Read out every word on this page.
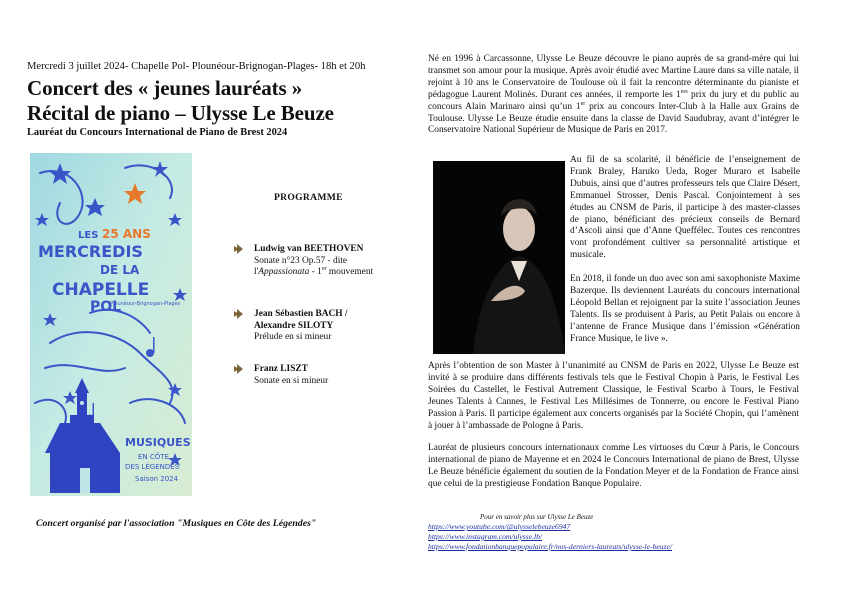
Mercredi 3 juillet 2024- Chapelle Pol- Plounéour-Brignogan-Plages- 18h et 20h
Concert des « jeunes lauréats »
Récital de piano – Ulysse Le Beuze
Lauréat du Concours International de Piano de Brest 2024
LES 25 ANS
MERCREDIS
DE LA
CHAPELLE
POL
Plounéour-Brignogan-Plages
MUSIQUES
EN CÔTE
DES LÉGENDES
Saison 2024
PROGRAMME
Ludwig van BEETHOVEN
Sonate n°23 Op.57 - dite l'Appassionata - 1er mouvement
Jean Sébastien BACH / Alexandre SILOTY
Prélude en si mineur
Franz LISZT
Sonate en si mineur
Concert organisé par l'association "Musiques en Côte des Légendes"
Né en 1996 à Carcassonne, Ulysse Le Beuze découvre le piano auprès de sa grand-mère qui lui transmet son amour pour la musique. Après avoir étudié avec Martine Laure dans sa ville natale, il rejoint à 10 ans le Conservatoire de Toulouse où il fait la rencontre déterminante du pianiste et pédagogue Laurent Molinès. Durant ces années, il remporte les 1ers prix du jury et du public au concours Alain Marinaro ainsi qu’un 1er prix au concours Inter-Club à la Halle aux Grains de Toulouse. Ulysse Le Beuze étudie ensuite dans la classe de David Saudubray, avant d’intégrer le Conservatoire National Supérieur de Musique de Paris en 2017.
Au fil de sa scolarité, il bénéficie de l’enseignement de Frank Braley, Haruko Ueda, Roger Muraro et Isabelle Dubuis, ainsi que d’autres professeurs tels que Claire Désert, Emmanuel Strosser, Denis Pascal. Conjointement à ses études au CNSM de Paris, il participe à des master-classes de piano, bénéficiant des précieux conseils de Bernard d’Ascoli ainsi que d’Anne Queffélec. Toutes ces rencontres vont profondément cultiver sa personnalité artistique et musicale.
En 2018, il fonde un duo avec son ami saxophoniste Maxime Bazerque. Ils deviennent Lauréats du concours international Léopold Bellan et rejoignent par la suite l’association Jeunes Talents. Ils se produisent à Paris, au Petit Palais ou encore à l’antenne de France Musique dans l’émission «Génération France Musique, le live ».
Après l’obtention de son Master à l’unanimité au CNSM de Paris en 2022, Ulysse Le Beuze est invité à se produire dans différents festivals tels que le Festival Chopin à Paris, le Festival Les Soirées du Castellet, le Festival Autrement Classique, le Festival Scarbo à Tours, le Festival Jeunes Talents à Cannes, le Festival Les Millésimes de Tonnerre, ou encore le Festival Piano Passion à Paris. Il participe également aux concerts organisés par la Société Chopin, qui l’amènent à jouer à l’ambassade de Pologne à Paris.
Lauréat de plusieurs concours internationaux comme Les virtuoses du Cœur à Paris, le Concours international de piano de Mayenne et en 2024 le Concours International de piano de Brest, Ulysse Le Beuze bénéficie également du soutien de la Fondation Meyer et de la Fondation de France ainsi que celui de la prestigieuse Fondation Banque Populaire.
Pour en savoir plus sur Ulysse Le Beuze
https://www.youtube.com/@ulysselebeuze6947
https://www.instagram.com/ulysse.lb/
https://www.fondationbanquepopulaire.fr/nos-derniers-laureats/ulysse-le-beuze/
